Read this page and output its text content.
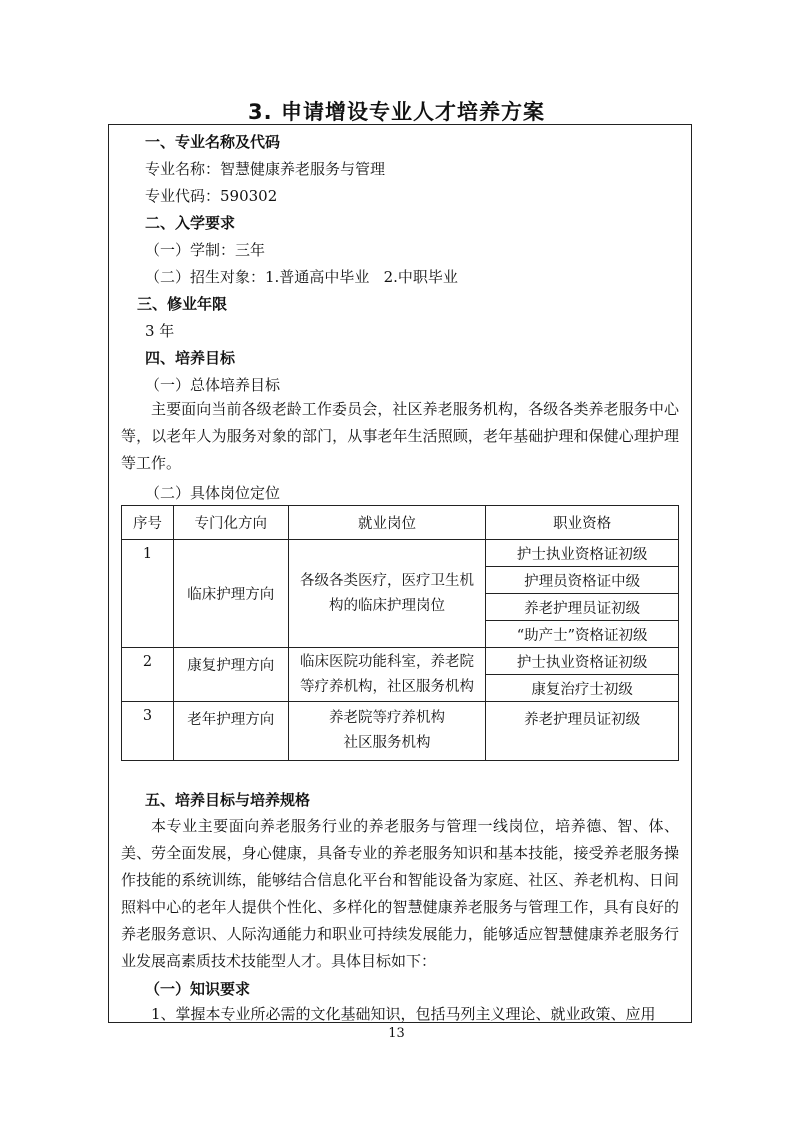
3. 申请增设专业人才培养方案
一、专业名称及代码
专业名称：智慧健康养老服务与管理
专业代码：590302
二、入学要求
（一）学制：三年
（二）招生对象：1.普通高中毕业   2.中职毕业
三、修业年限
3 年
四、培养目标
（一）总体培养目标
主要面向当前各级老龄工作委员会，社区养老服务机构，各级各类养老服务中心等，以老年人为服务对象的部门，从事老年生活照顾，老年基础护理和保健心理护理等工作。
（二）具体岗位定位
序号	专门化方向	就业岗位	职业资格
1	临床护理方向	各级各类医疗，医疗卫生机构的临床护理岗位	护士执业资格证初级
			护理员资格证中级
			养老护理员证初级
			“助产士”资格证初级
2	康复护理方向	临床医院功能科室，养老院等疗养机构，社区服务机构	护士执业资格证初级
			康复治疗士初级
3	老年护理方向	养老院等疗养机构
社区服务机构	养老护理员证初级
五、培养目标与培养规格
本专业主要面向养老服务行业的养老服务与管理一线岗位，培养德、智、体、美、劳全面发展，身心健康，具备专业的养老服务知识和基本技能，接受养老服务操作技能的系统训练，能够结合信息化平台和智能设备为家庭、社区、养老机构、日间照料中心的老年人提供个性化、多样化的智慧健康养老服务与管理工作，具有良好的养老服务意识、人际沟通能力和职业可持续发展能力，能够适应智慧健康养老服务行业发展高素质技术技能型人才。具体目标如下：
（一）知识要求
1、掌握本专业所必需的文化基础知识，包括马列主义理论、就业政策、应用
13
